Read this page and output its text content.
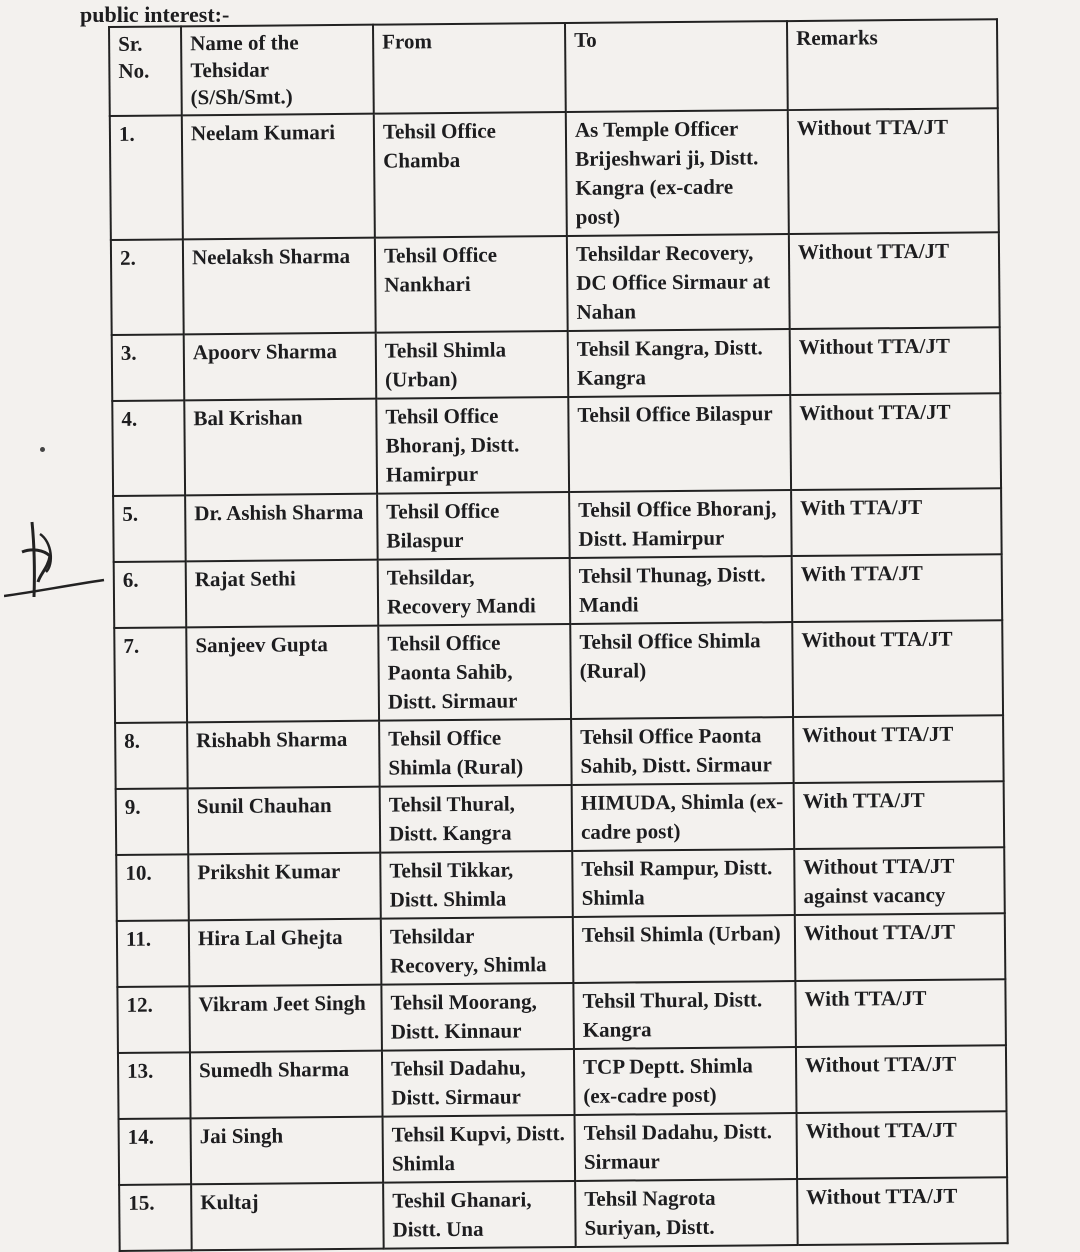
public interest:-
Sr. No.	Name of the Tehsidar (S/Sh/Smt.)	From	To	Remarks
1.	Neelam Kumari	Tehsil Office Chamba	As Temple Officer Brijeshwari ji, Distt. Kangra (ex-cadre post)	Without TTA/JT
2.	Neelaksh Sharma	Tehsil Office Nankhari	Tehsildar Recovery, DC Office Sirmaur at Nahan	Without TTA/JT
3.	Apoorv Sharma	Tehsil Shimla (Urban)	Tehsil Kangra, Distt. Kangra	Without TTA/JT
4.	Bal Krishan	Tehsil Office Bhoranj, Distt. Hamirpur	Tehsil Office Bilaspur	Without TTA/JT
5.	Dr. Ashish Sharma	Tehsil Office Bilaspur	Tehsil Office Bhoranj, Distt. Hamirpur	With TTA/JT
6.	Rajat Sethi	Tehsildar, Recovery Mandi	Tehsil Thunag, Distt. Mandi	With TTA/JT
7.	Sanjeev Gupta	Tehsil Office Paonta Sahib, Distt. Sirmaur	Tehsil Office Shimla (Rural)	Without TTA/JT
8.	Rishabh Sharma	Tehsil Office Shimla (Rural)	Tehsil Office Paonta Sahib, Distt. Sirmaur	Without TTA/JT
9.	Sunil Chauhan	Tehsil Thural, Distt. Kangra	HIMUDA, Shimla (ex-cadre post)	With TTA/JT
10.	Prikshit Kumar	Tehsil Tikkar, Distt. Shimla	Tehsil Rampur, Distt. Shimla	Without TTA/JT against vacancy
11.	Hira Lal Ghejta	Tehsildar Recovery, Shimla	Tehsil Shimla (Urban)	Without TTA/JT
12.	Vikram Jeet Singh	Tehsil Moorang, Distt. Kinnaur	Tehsil Thural, Distt. Kangra	With TTA/JT
13.	Sumedh Sharma	Tehsil Dadahu, Distt. Sirmaur	TCP Deptt. Shimla (ex-cadre post)	Without TTA/JT
14.	Jai Singh	Tehsil Kupvi, Distt. Shimla	Tehsil Dadahu, Distt. Sirmaur	Without TTA/JT
15.	Kultaj	Teshil Ghanari, Distt. Una	Tehsil Nagrota Suriyan, Distt.	Without TTA/JT
